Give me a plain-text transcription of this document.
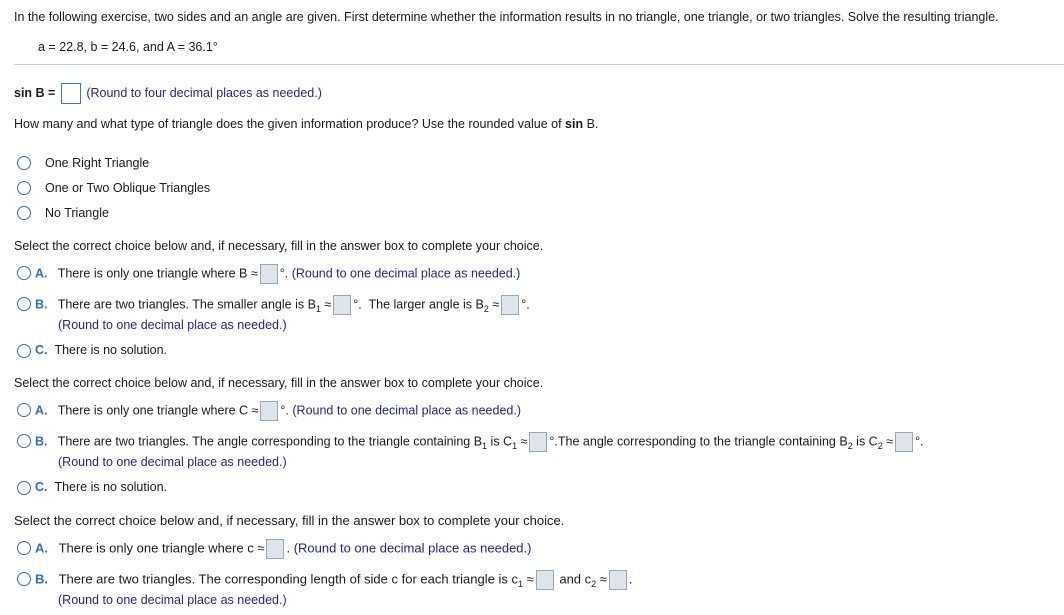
In the following exercise, two sides and an angle are given. First determine whether the information results in no triangle, one triangle, or two triangles. Solve the resulting triangle.
a = 22.8, b = 24.6, and A = 36.1°
sin B = (Round to four decimal places as needed.)
How many and what type of triangle does the given information produce? Use the rounded value of sin B.
One Right Triangle
One or Two Oblique Triangles
No Triangle
Select the correct choice below and, if necessary, fill in the answer box to complete your choice.
A. There is only one triangle where B ≈ °. (Round to one decimal place as needed.)
B. There are two triangles. The smaller angle is $B_1$ ≈ °.  The larger angle is $B_2$ ≈ °.
(Round to one decimal place as needed.)
C. There is no solution.
Select the correct choice below and, if necessary, fill in the answer box to complete your choice.
A. There is only one triangle where C ≈ °. (Round to one decimal place as needed.)
B. There are two triangles. The angle corresponding to the triangle containing $B_1$ is $C_1 \approx ^\circ.The$ angle corresponding to the triangle containing $B_2$ is $C_2$ ≈ °.
(Round to one decimal place as needed.)
C. There is no solution.
Select the correct choice below and, if necessary, fill in the answer box to complete your choice.
A. There is only one triangle where c ≈ . (Round to one decimal place as needed.)
B. There are two triangles. The corresponding length of side c for each triangle is $c_1$ ≈ and $c_2$ ≈ .
(Round to one decimal place as needed.)
